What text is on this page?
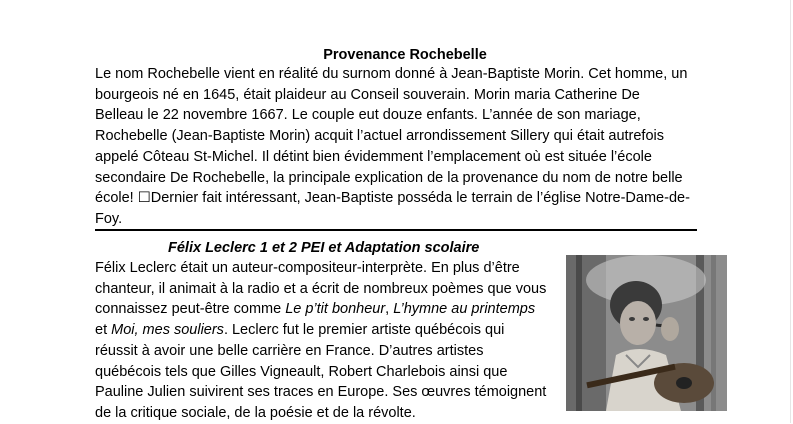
Provenance Rochebelle
Le nom Rochebelle vient en réalité du surnom donné à Jean-Baptiste Morin. Cet homme, un
bourgeois né en 1645, était plaideur au Conseil souverain. Morin maria Catherine De
Belleau le 22 novembre 1667. Le couple eut douze enfants. L’année de son mariage,
Rochebelle (Jean-Baptiste Morin) acquit l’actuel arrondissement Sillery qui était autrefois
appelé Côteau St-Michel. Il détint bien évidemment l’emplacement où est située l’école
secondaire De Rochebelle, la principale explication de la provenance du nom de notre belle
école! ☐Dernier fait intéressant, Jean-Baptiste posséda le terrain de l’église Notre-Dame-de-
Foy.
Félix Leclerc 1 et 2 PEI et Adaptation scolaire
Félix Leclerc était un auteur-compositeur-interprète. En plus d’être
chanteur, il animait à la radio et a écrit de nombreux poèmes que vous
connaissez peut-être comme Le p’tit bonheur, L’hymne au printemps
et Moi, mes souliers. Leclerc fut le premier artiste québécois qui
réussit à avoir une belle carrière en France. D’autres artistes
québécois tels que Gilles Vigneault, Robert Charlebois ainsi que
Pauline Julien suivirent ses traces en Europe. Ses œuvres témoignent
de la critique sociale, de la poésie et de la révolte.
